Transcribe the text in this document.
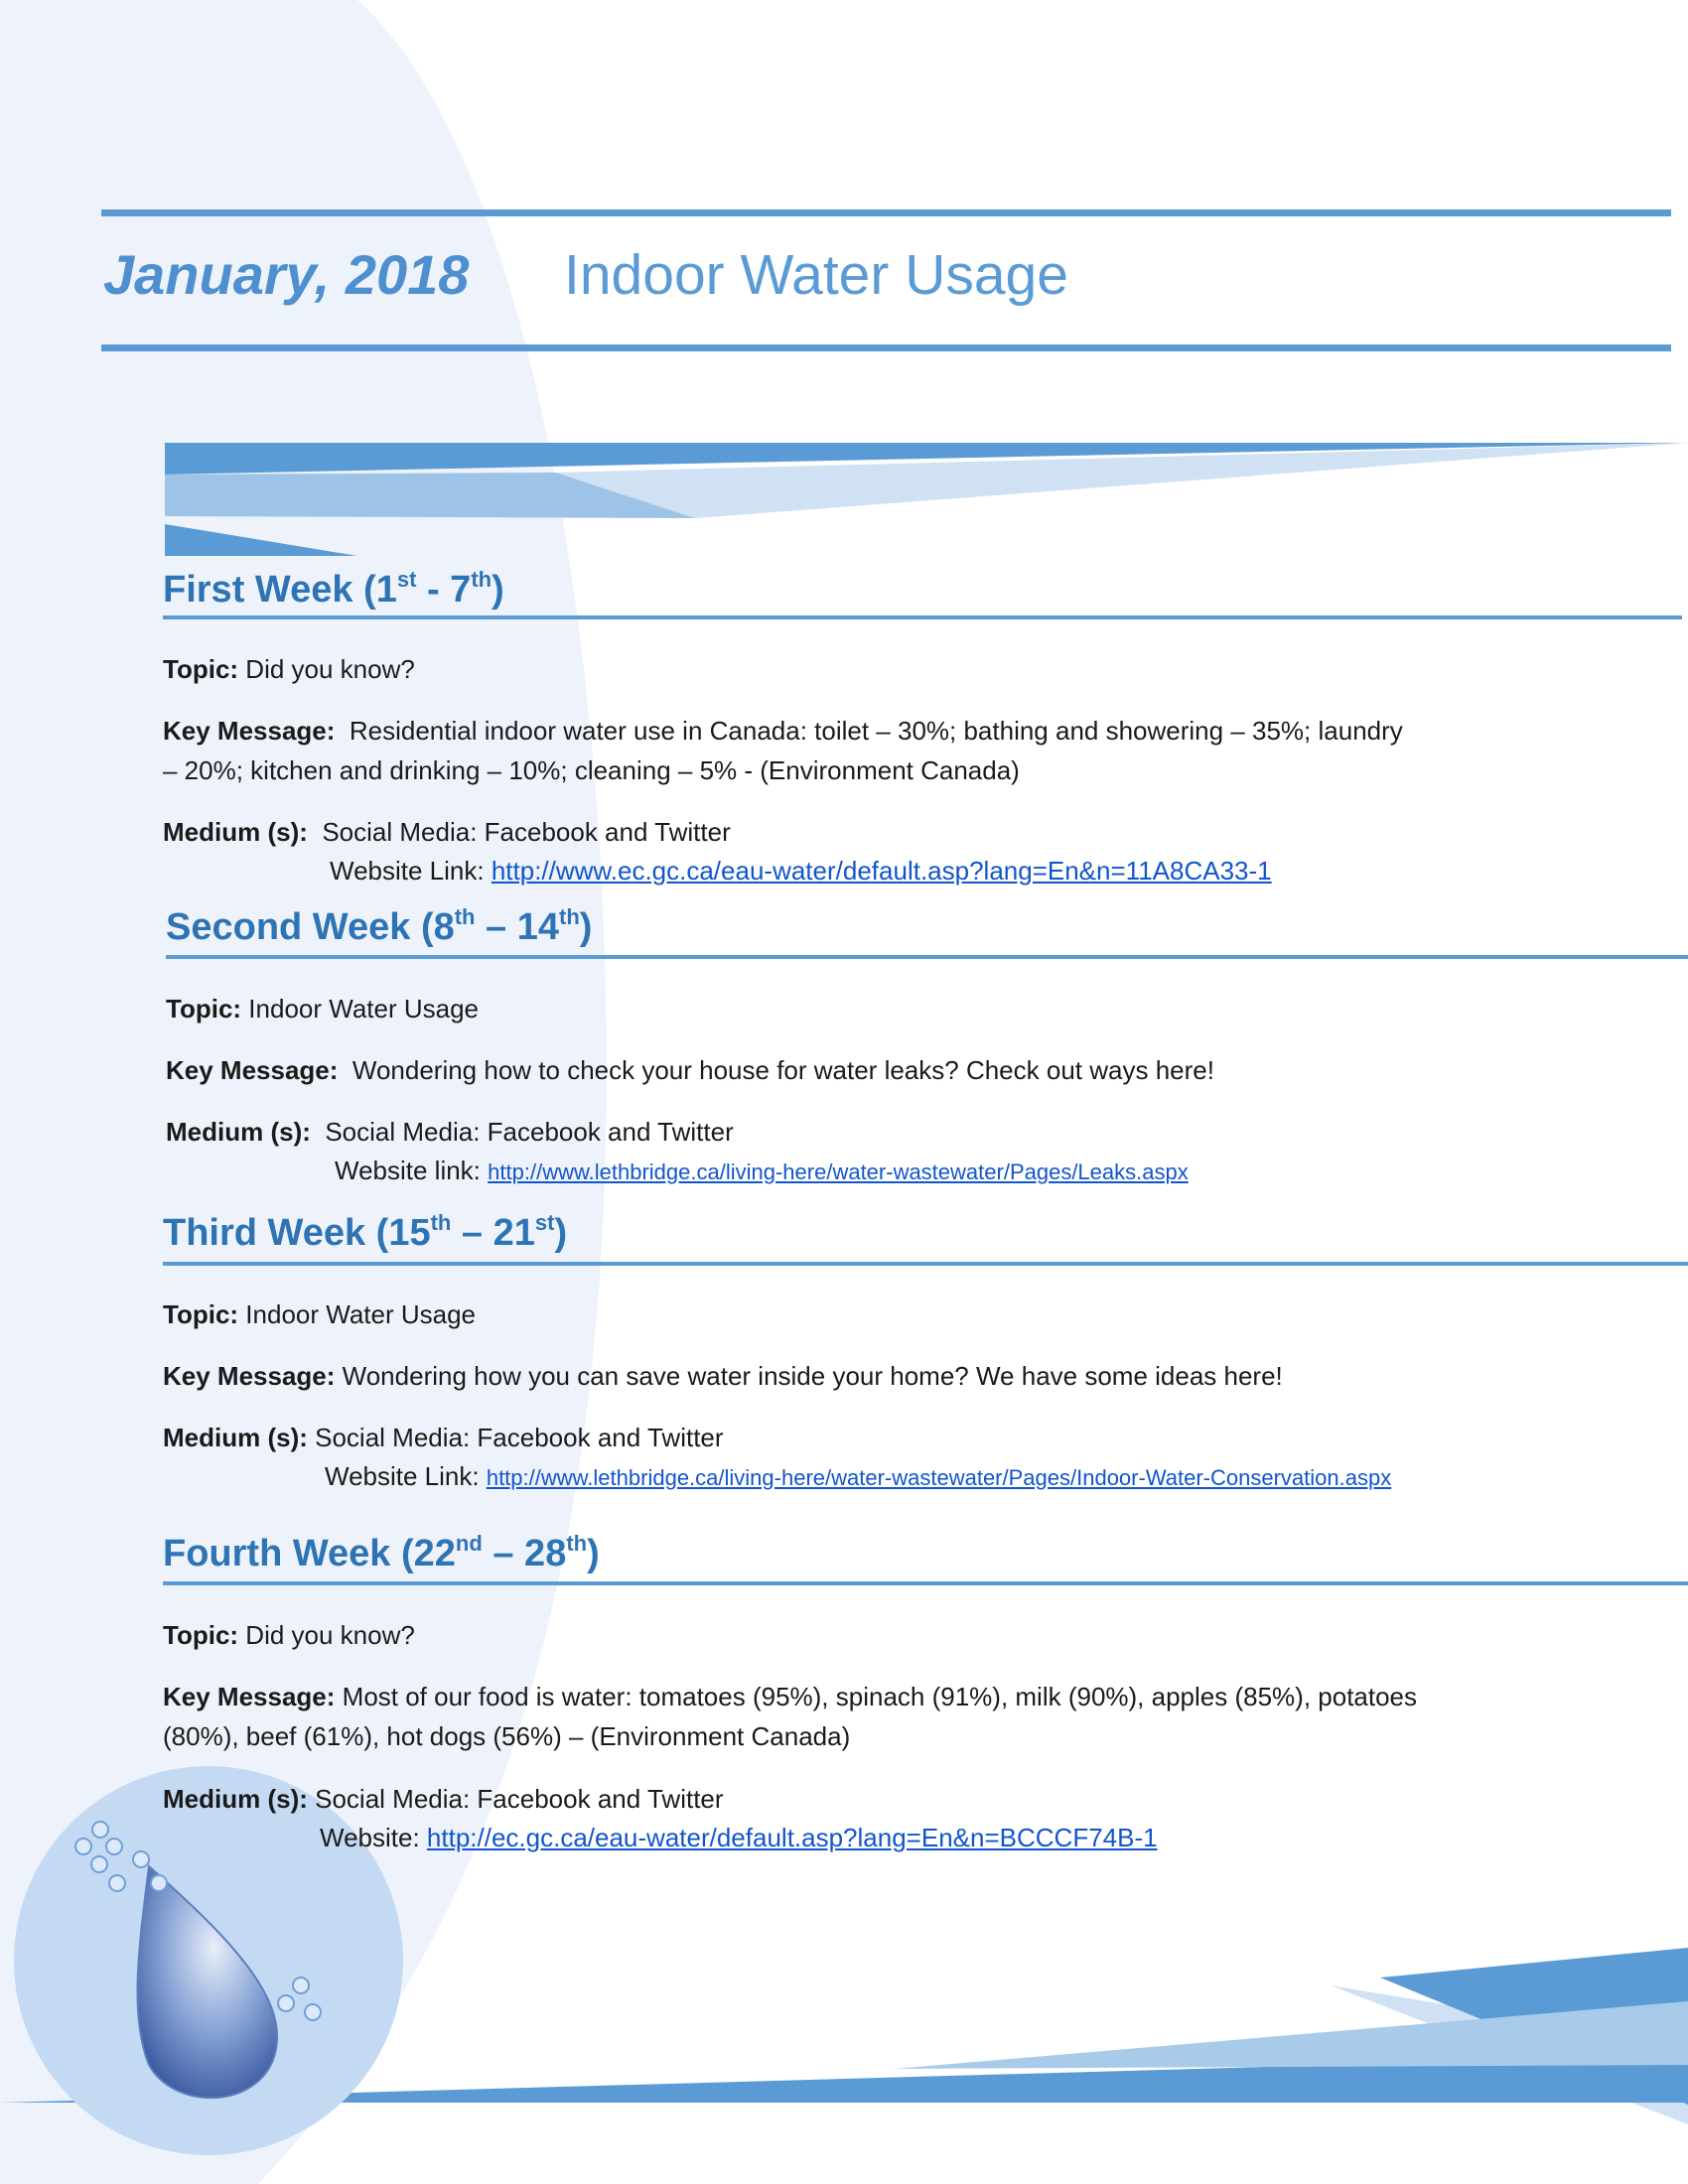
January, 2018 Indoor Water Usage
First Week (1st - 7th)

Topic: Did you know?

Key Message: Residential indoor water use in Canada: toilet – 30%; bathing and showering – 35%; laundry

– 20%; kitchen and drinking – 10%; cleaning – 5% - (Environment Canada)

Medium (s): Social Media: Facebook and Twitter

Website Link: http://www.ec.gc.ca/eau-water/default.asp?lang=En&n=11A8CA33-1

Second Week (8th – 14th)

Topic: Indoor Water Usage

Key Message: Wondering how to check your house for water leaks? Check out ways here!

Medium (s): Social Media: Facebook and Twitter

Website link: http://www.lethbridge.ca/living-here/water-wastewater/Pages/Leaks.aspx

Third Week (15th – 21st)

Topic: Indoor Water Usage

Key Message: Wondering how you can save water inside your home? We have some ideas here!

Medium (s): Social Media: Facebook and Twitter

Website Link: http://www.lethbridge.ca/living-here/water-wastewater/Pages/Indoor-Water-Conservation.aspx

Fourth Week (22nd – 28th)

Topic: Did you know?

Key Message: Most of our food is water: tomatoes (95%), spinach (91%), milk (90%), apples (85%), potatoes

(80%), beef (61%), hot dogs (56%) – (Environment Canada)

Medium (s): Social Media: Facebook and Twitter

Website: http://ec.gc.ca/eau-water/default.asp?lang=En&n=BCCCF74B-1
